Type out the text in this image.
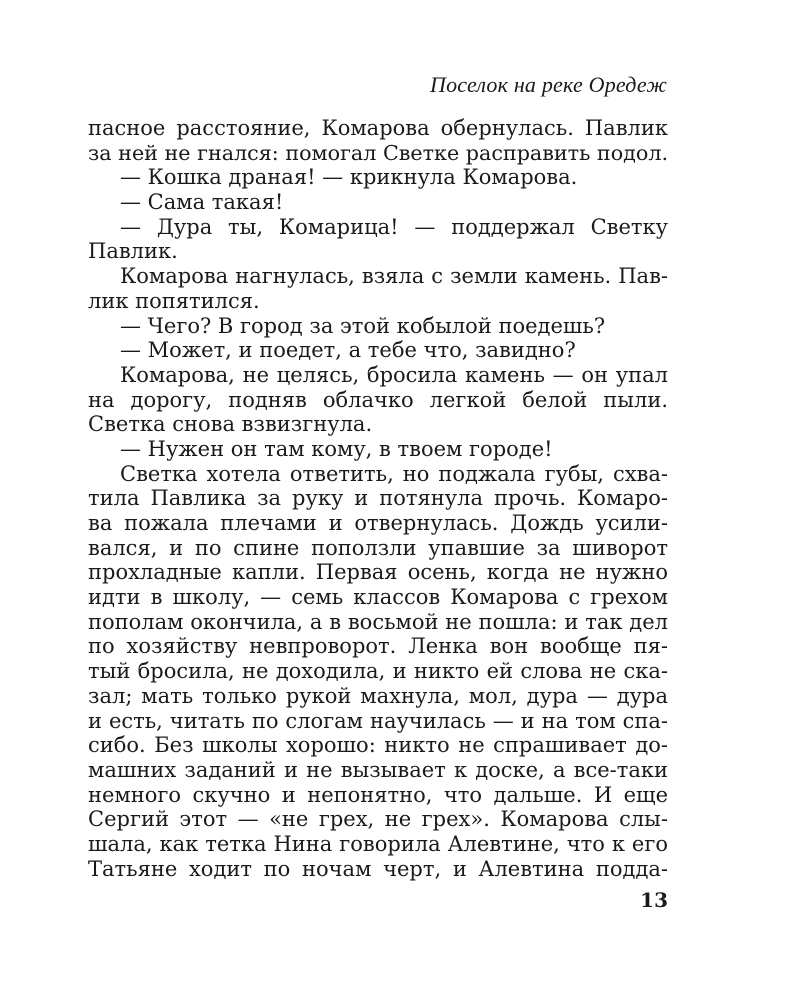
Поселок на реке Оредеж
пасное расстояние, Комарова обернулась. Павлик
за ней не гнался: помогал Светке расправить подол.
— Кошка драная! — крикнула Комарова.
— Сама такая!
— Дура ты, Комарица! — поддержал Светку
Павлик.
Комарова нагнулась, взяла с земли камень. Пав-
лик попятился.
— Чего? В город за этой кобылой поедешь?
— Может, и поедет, а тебе что, завидно?
Комарова, не целясь, бросила камень — он упал
на дорогу, подняв облачко легкой белой пыли.
Светка снова взвизгнула.
— Нужен он там кому, в твоем городе!
Светка хотела ответить, но поджала губы, схва-
тила Павлика за руку и потянула прочь. Комаро-
ва пожала плечами и отвернулась. Дождь усили-
вался, и по спине поползли упавшие за шиворот
прохладные капли. Первая осень, когда не нужно
идти в школу, — семь классов Комарова с грехом
пополам окончила, а в восьмой не пошла: и так дел
по хозяйству невпроворот. Ленка вон вообще пя-
тый бросила, не доходила, и никто ей слова не ска-
зал; мать только рукой махнула, мол, дура — дура
и есть, читать по слогам научилась — и на том спа-
сибо. Без школы хорошо: никто не спрашивает до-
машних заданий и не вызывает к доске, а все-таки
немного скучно и непонятно, что дальше. И еще
Сергий этот — «не грех, не грех». Комарова слы-
шала, как тетка Нина говорила Алевтине, что к его
Татьяне ходит по ночам черт, и Алевтина подда-
13
